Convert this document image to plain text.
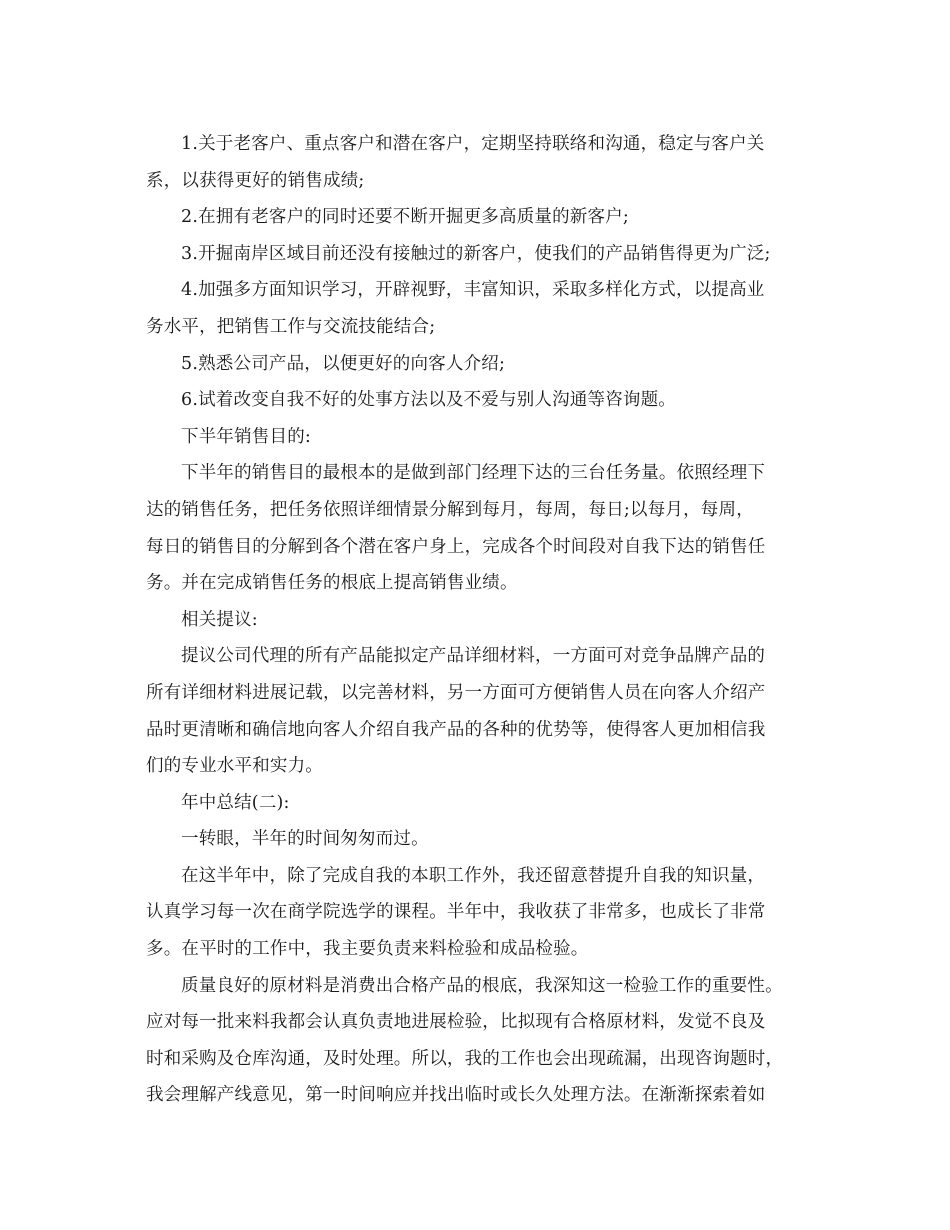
1.关于老客户、重点客户和潜在客户，定期坚持联络和沟通，稳定与客户关
系，以获得更好的销售成绩;

2.在拥有老客户的同时还要不断开掘更多高质量的新客户;

3.开掘南岸区域目前还没有接触过的新客户，使我们的产品销售得更为广泛;

4.加强多方面知识学习，开辟视野，丰富知识，采取多样化方式，以提高业
务水平，把销售工作与交流技能结合;

5.熟悉公司产品，以便更好的向客人介绍;

6.试着改变自我不好的处事方法以及不爱与别人沟通等咨询题。

下半年销售目的:

下半年的销售目的最根本的是做到部门经理下达的三台任务量。依照经理下
达的销售任务，把任务依照详细情景分解到每月，每周，每日;以每月，每周，
每日的销售目的分解到各个潜在客户身上，完成各个时间段对自我下达的销售任
务。并在完成销售任务的根底上提高销售业绩。

相关提议:

提议公司代理的所有产品能拟定产品详细材料，一方面可对竞争品牌产品的
所有详细材料进展记载，以完善材料，另一方面可方便销售人员在向客人介绍产
品时更清晰和确信地向客人介绍自我产品的各种的优势等，使得客人更加相信我
们的专业水平和实力。

年中总结(二):

一转眼，半年的时间匆匆而过。

在这半年中，除了完成自我的本职工作外，我还留意替提升自我的知识量，
认真学习每一次在商学院选学的课程。半年中，我收获了非常多，也成长了非常
多。在平时的工作中，我主要负责来料检验和成品检验。

质量良好的原材料是消费出合格产品的根底，我深知这一检验工作的重要性。
应对每一批来料我都会认真负责地进展检验，比拟现有合格原材料，发觉不良及
时和采购及仓库沟通，及时处理。所以，我的工作也会出现疏漏，出现咨询题时，
我会理解产线意见，第一时间响应并找出临时或长久处理方法。在渐渐探索着如
